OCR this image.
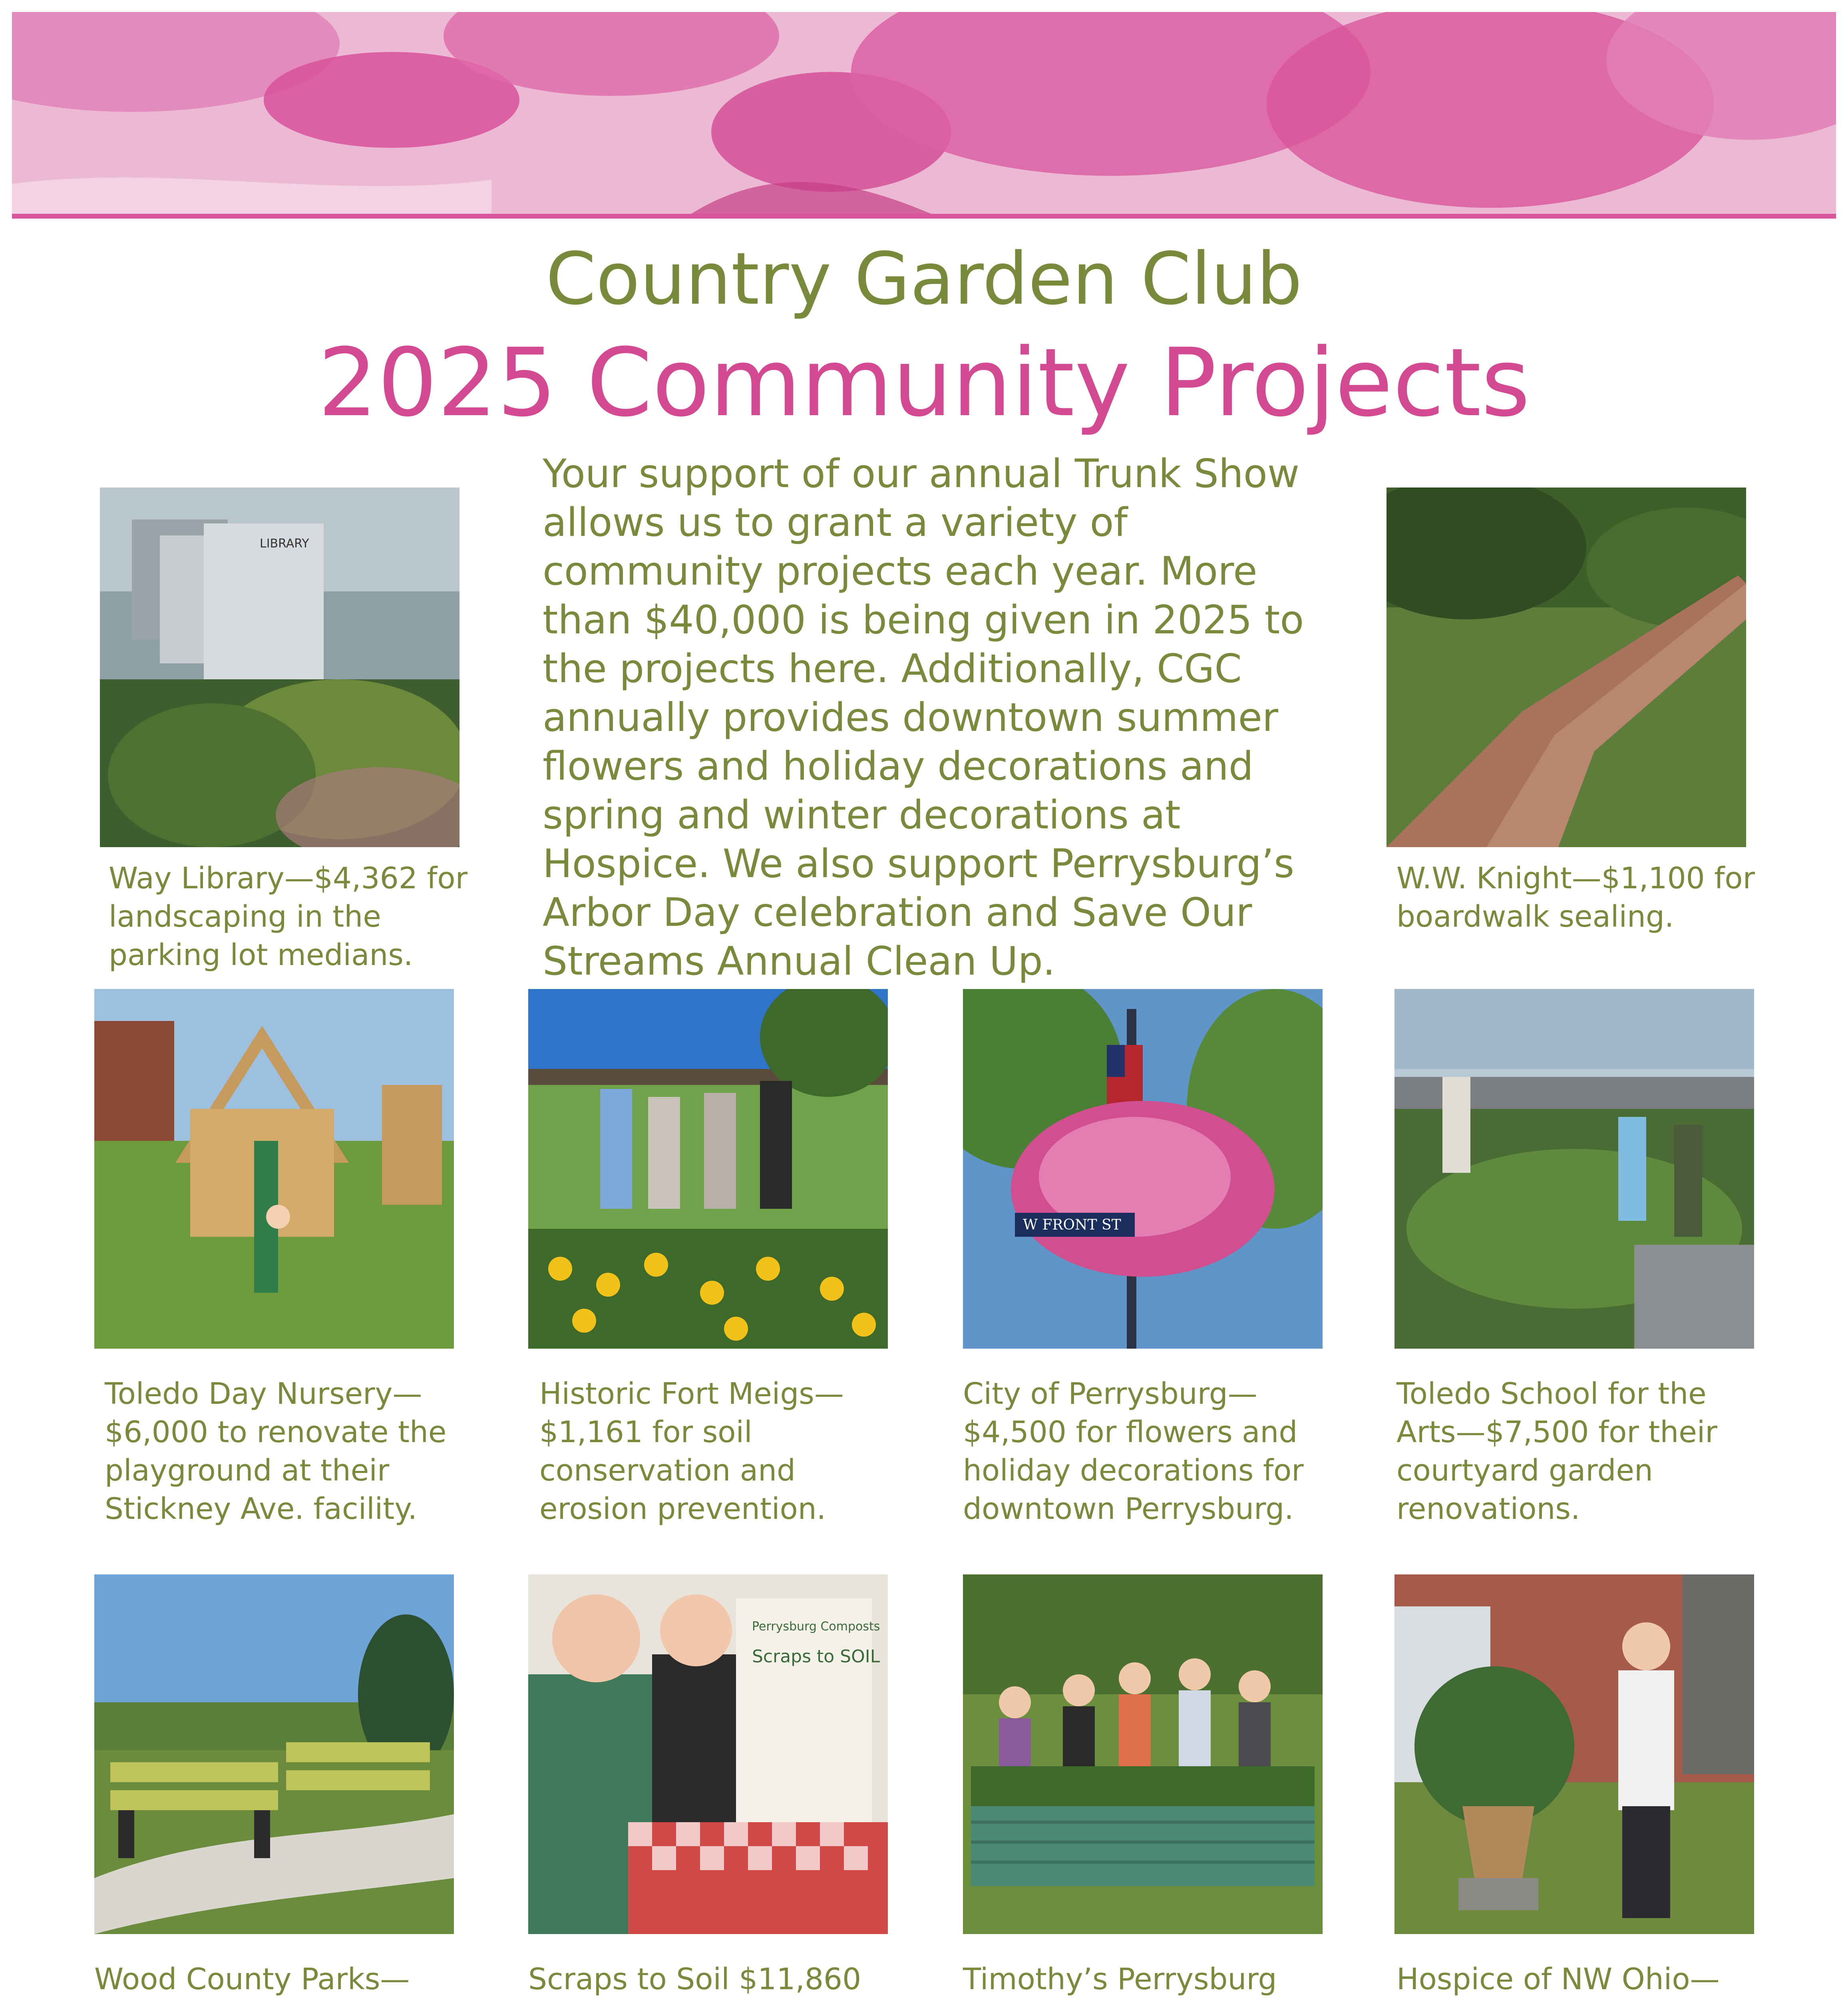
Country Garden Club
2025 Community Projects
Your support of our annual Trunk Show allows us to grant a variety of community projects each year. More than $40,000 is being given in 2025 to the projects here. Additionally, CGC annually provides downtown summer flowers and holiday decorations and spring and winter decorations at Hospice. We also support Perrysburg’s Arbor Day celebration and Save Our Streams Annual Clean Up.
LIBRARY
W FRONT ST
Perrysburg Composts
Scraps to SOIL
Way Library—$4,362 for landscaping in the parking lot medians.
W.W. Knight—$1,100 for boardwalk sealing.
Toledo Day Nursery—$6,000 to renovate the playground at their Stickney Ave. facility.
Historic Fort Meigs—$1,161 for soil conservation and erosion prevention.
City of Perrysburg—$4,500 for flowers and holiday decorations for downtown Perrysburg.
Toledo School for the Arts—$7,500 for their courtyard garden renovations.
Wood County Parks—	Scraps to Soil $11,860	Timothy’s Perrysburg	Hospice of NW Ohio—
